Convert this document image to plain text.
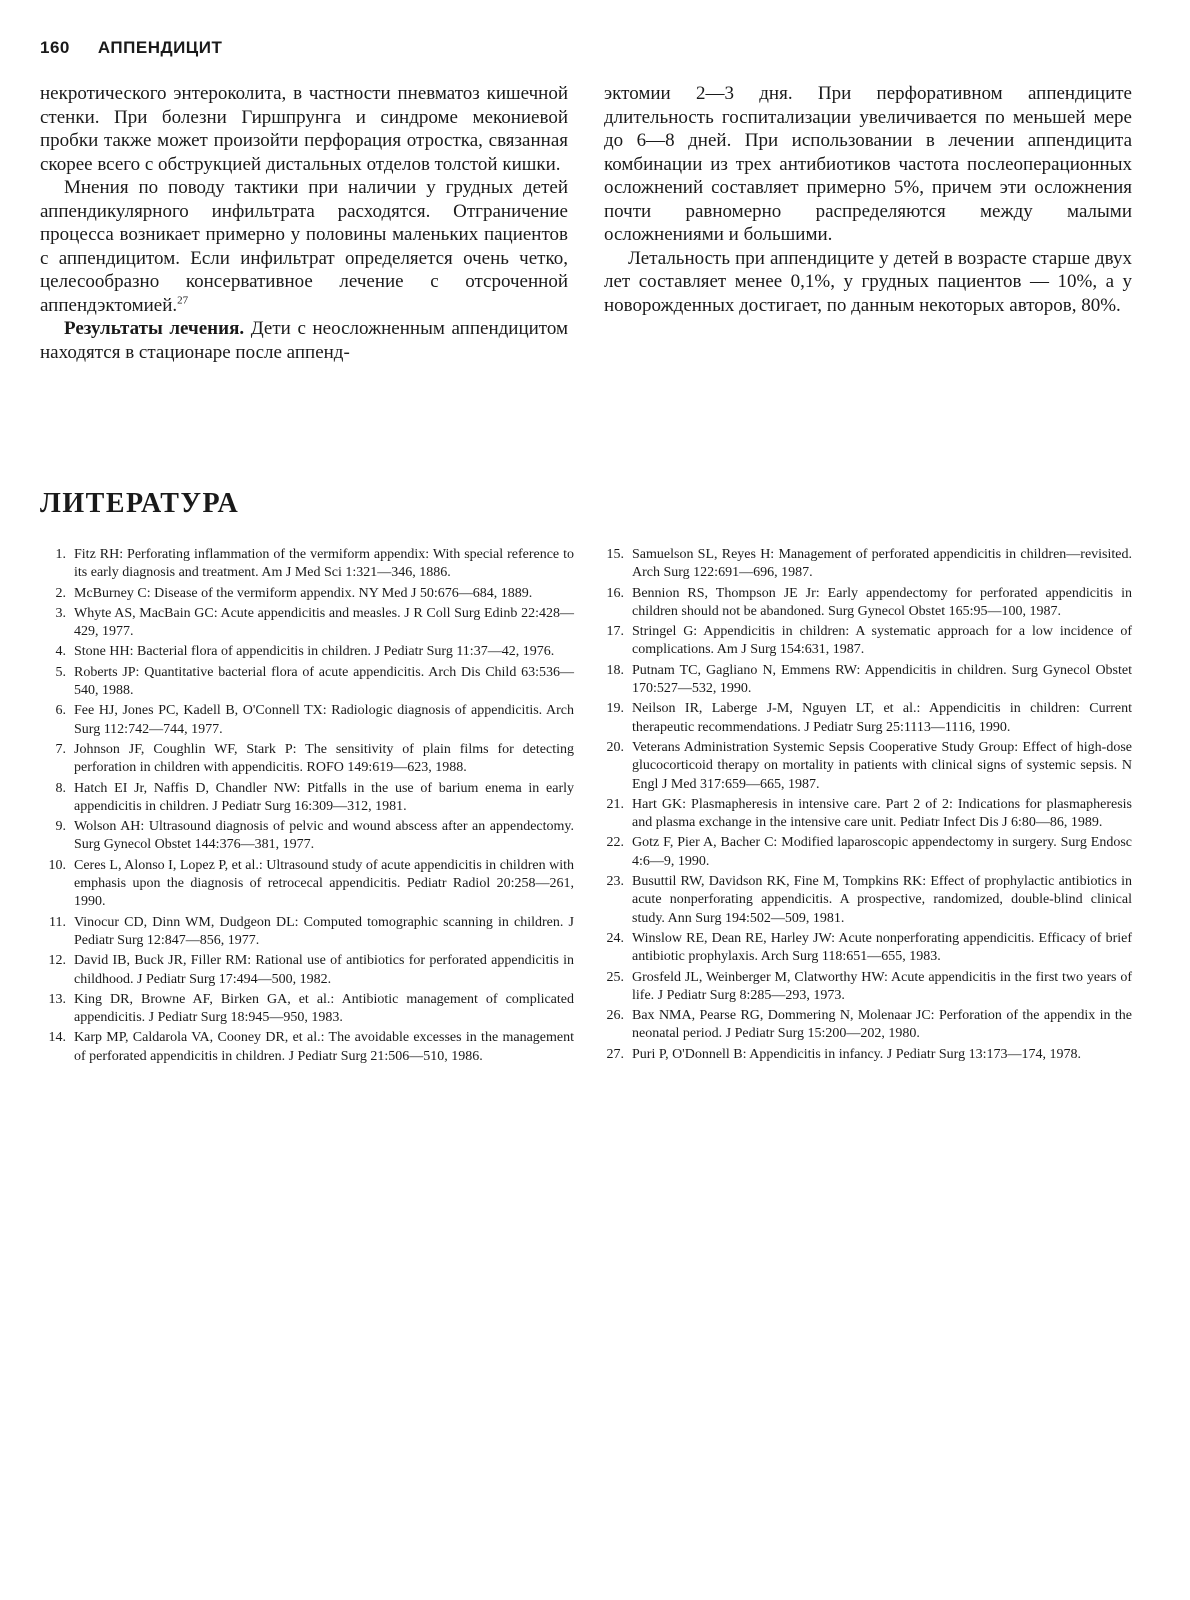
160 АППЕНДИЦИТ

некротического энтероколита, в частности пневматоз кишечной стенки. При болезни Гиршпрунга и синдроме мекониевой пробки также может произойти перфорация отростка, связанная скорее всего с обструкцией дистальных отделов толстой кишки.

Мнения по поводу тактики при наличии у грудных детей аппендикулярного инфильтрата расходятся. Отграничение процесса возникает примерно у половины маленьких пациентов с аппендицитом. Если инфильтрат определяется очень четко, целесообразно консервативное лечение с отсроченной аппендэктомией.$^{27}$

Результаты лечения. Дети с неосложненным аппендицитом находятся в стационаре после аппенд-

эктомии 2—3 дня. При перфоративном аппендиците длительность госпитализации увеличивается по меньшей мере до 6—8 дней. При использовании в лечении аппендицита комбинации из трех антибиотиков частота послеоперационных осложнений составляет примерно 5%, причем эти осложнения почти равномерно распределяются между малыми осложнениями и большими.

Летальность при аппендиците у детей в возрасте старше двух лет составляет менее 0,1%, у грудных пациентов — 10%, а у новорожденных достигает, по данным некоторых авторов, 80%.

ЛИТЕРАТУРА
1. Fitz RH: Perforating inflammation of the vermiform appendix: With special reference to its early diagnosis and treatment. Am J Med Sci 1:321—346, 1886.
2. McBurney C: Disease of the vermiform appendix. NY Med J 50:676—684, 1889.
3. Whyte AS, MacBain GC: Acute appendicitis and measles. J R Coll Surg Edinb 22:428—429, 1977.
4. Stone HH: Bacterial flora of appendicitis in children. J Pediatr Surg 11:37—42, 1976.
5. Roberts JP: Quantitative bacterial flora of acute appendicitis. Arch Dis Child 63:536—540, 1988.
6. Fee HJ, Jones PC, Kadell B, O'Connell TX: Radiologic diagnosis of appendicitis. Arch Surg 112:742—744, 1977.
7. Johnson JF, Coughlin WF, Stark P: The sensitivity of plain films for detecting perforation in children with appendicitis. ROFO 149:619—623, 1988.
8. Hatch EI Jr, Naffis D, Chandler NW: Pitfalls in the use of barium enema in early appendicitis in children. J Pediatr Surg 16:309—312, 1981.
9. Wolson AH: Ultrasound diagnosis of pelvic and wound abscess after an appendectomy. Surg Gynecol Obstet 144:376—381, 1977.
10. Ceres L, Alonso I, Lopez P, et al.: Ultrasound study of acute appendicitis in children with emphasis upon the diagnosis of retrocecal appendicitis. Pediatr Radiol 20:258—261, 1990.
11. Vinocur CD, Dinn WM, Dudgeon DL: Computed tomographic scanning in children. J Pediatr Surg 12:847—856, 1977.
12. David IB, Buck JR, Filler RM: Rational use of antibiotics for perforated appendicitis in childhood. J Pediatr Surg 17:494—500, 1982.
13. King DR, Browne AF, Birken GA, et al.: Antibiotic management of complicated appendicitis. J Pediatr Surg 18:945—950, 1983.
14. Karp MP, Caldarola VA, Cooney DR, et al.: The avoidable excesses in the management of perforated appendicitis in children. J Pediatr Surg 21:506—510, 1986.
15. Samuelson SL, Reyes H: Management of perforated appendicitis in children—revisited. Arch Surg 122:691—696, 1987.
16. Bennion RS, Thompson JE Jr: Early appendectomy for perforated appendicitis in children should not be abandoned. Surg Gynecol Obstet 165:95—100, 1987.
17. Stringel G: Appendicitis in children: A systematic approach for a low incidence of complications. Am J Surg 154:631, 1987.
18. Putnam TC, Gagliano N, Emmens RW: Appendicitis in children. Surg Gynecol Obstet 170:527—532, 1990.
19. Neilson IR, Laberge J-M, Nguyen LT, et al.: Appendicitis in children: Current therapeutic recommendations. J Pediatr Surg 25:1113—1116, 1990.
20. Veterans Administration Systemic Sepsis Cooperative Study Group: Effect of high-dose glucocorticoid therapy on mortality in patients with clinical signs of systemic sepsis. N Engl J Med 317:659—665, 1987.
21. Hart GK: Plasmapheresis in intensive care. Part 2 of 2: Indications for plasmapheresis and plasma exchange in the intensive care unit. Pediatr Infect Dis J 6:80—86, 1989.
22. Gotz F, Pier A, Bacher C: Modified laparoscopic appendectomy in surgery. Surg Endosc 4:6—9, 1990.
23. Busuttil RW, Davidson RK, Fine M, Tompkins RK: Effect of prophylactic antibiotics in acute nonperforating appendicitis. A prospective, randomized, double-blind clinical study. Ann Surg 194:502—509, 1981.
24. Winslow RE, Dean RE, Harley JW: Acute nonperforating appendicitis. Efficacy of brief antibiotic prophylaxis. Arch Surg 118:651—655, 1983.
25. Grosfeld JL, Weinberger M, Clatworthy HW: Acute appendicitis in the first two years of life. J Pediatr Surg 8:285—293, 1973.
26. Bax NMA, Pearse RG, Dommering N, Molenaar JC: Perforation of the appendix in the neonatal period. J Pediatr Surg 15:200—202, 1980.
27. Puri P, O'Donnell B: Appendicitis in infancy. J Pediatr Surg 13:173—174, 1978.
